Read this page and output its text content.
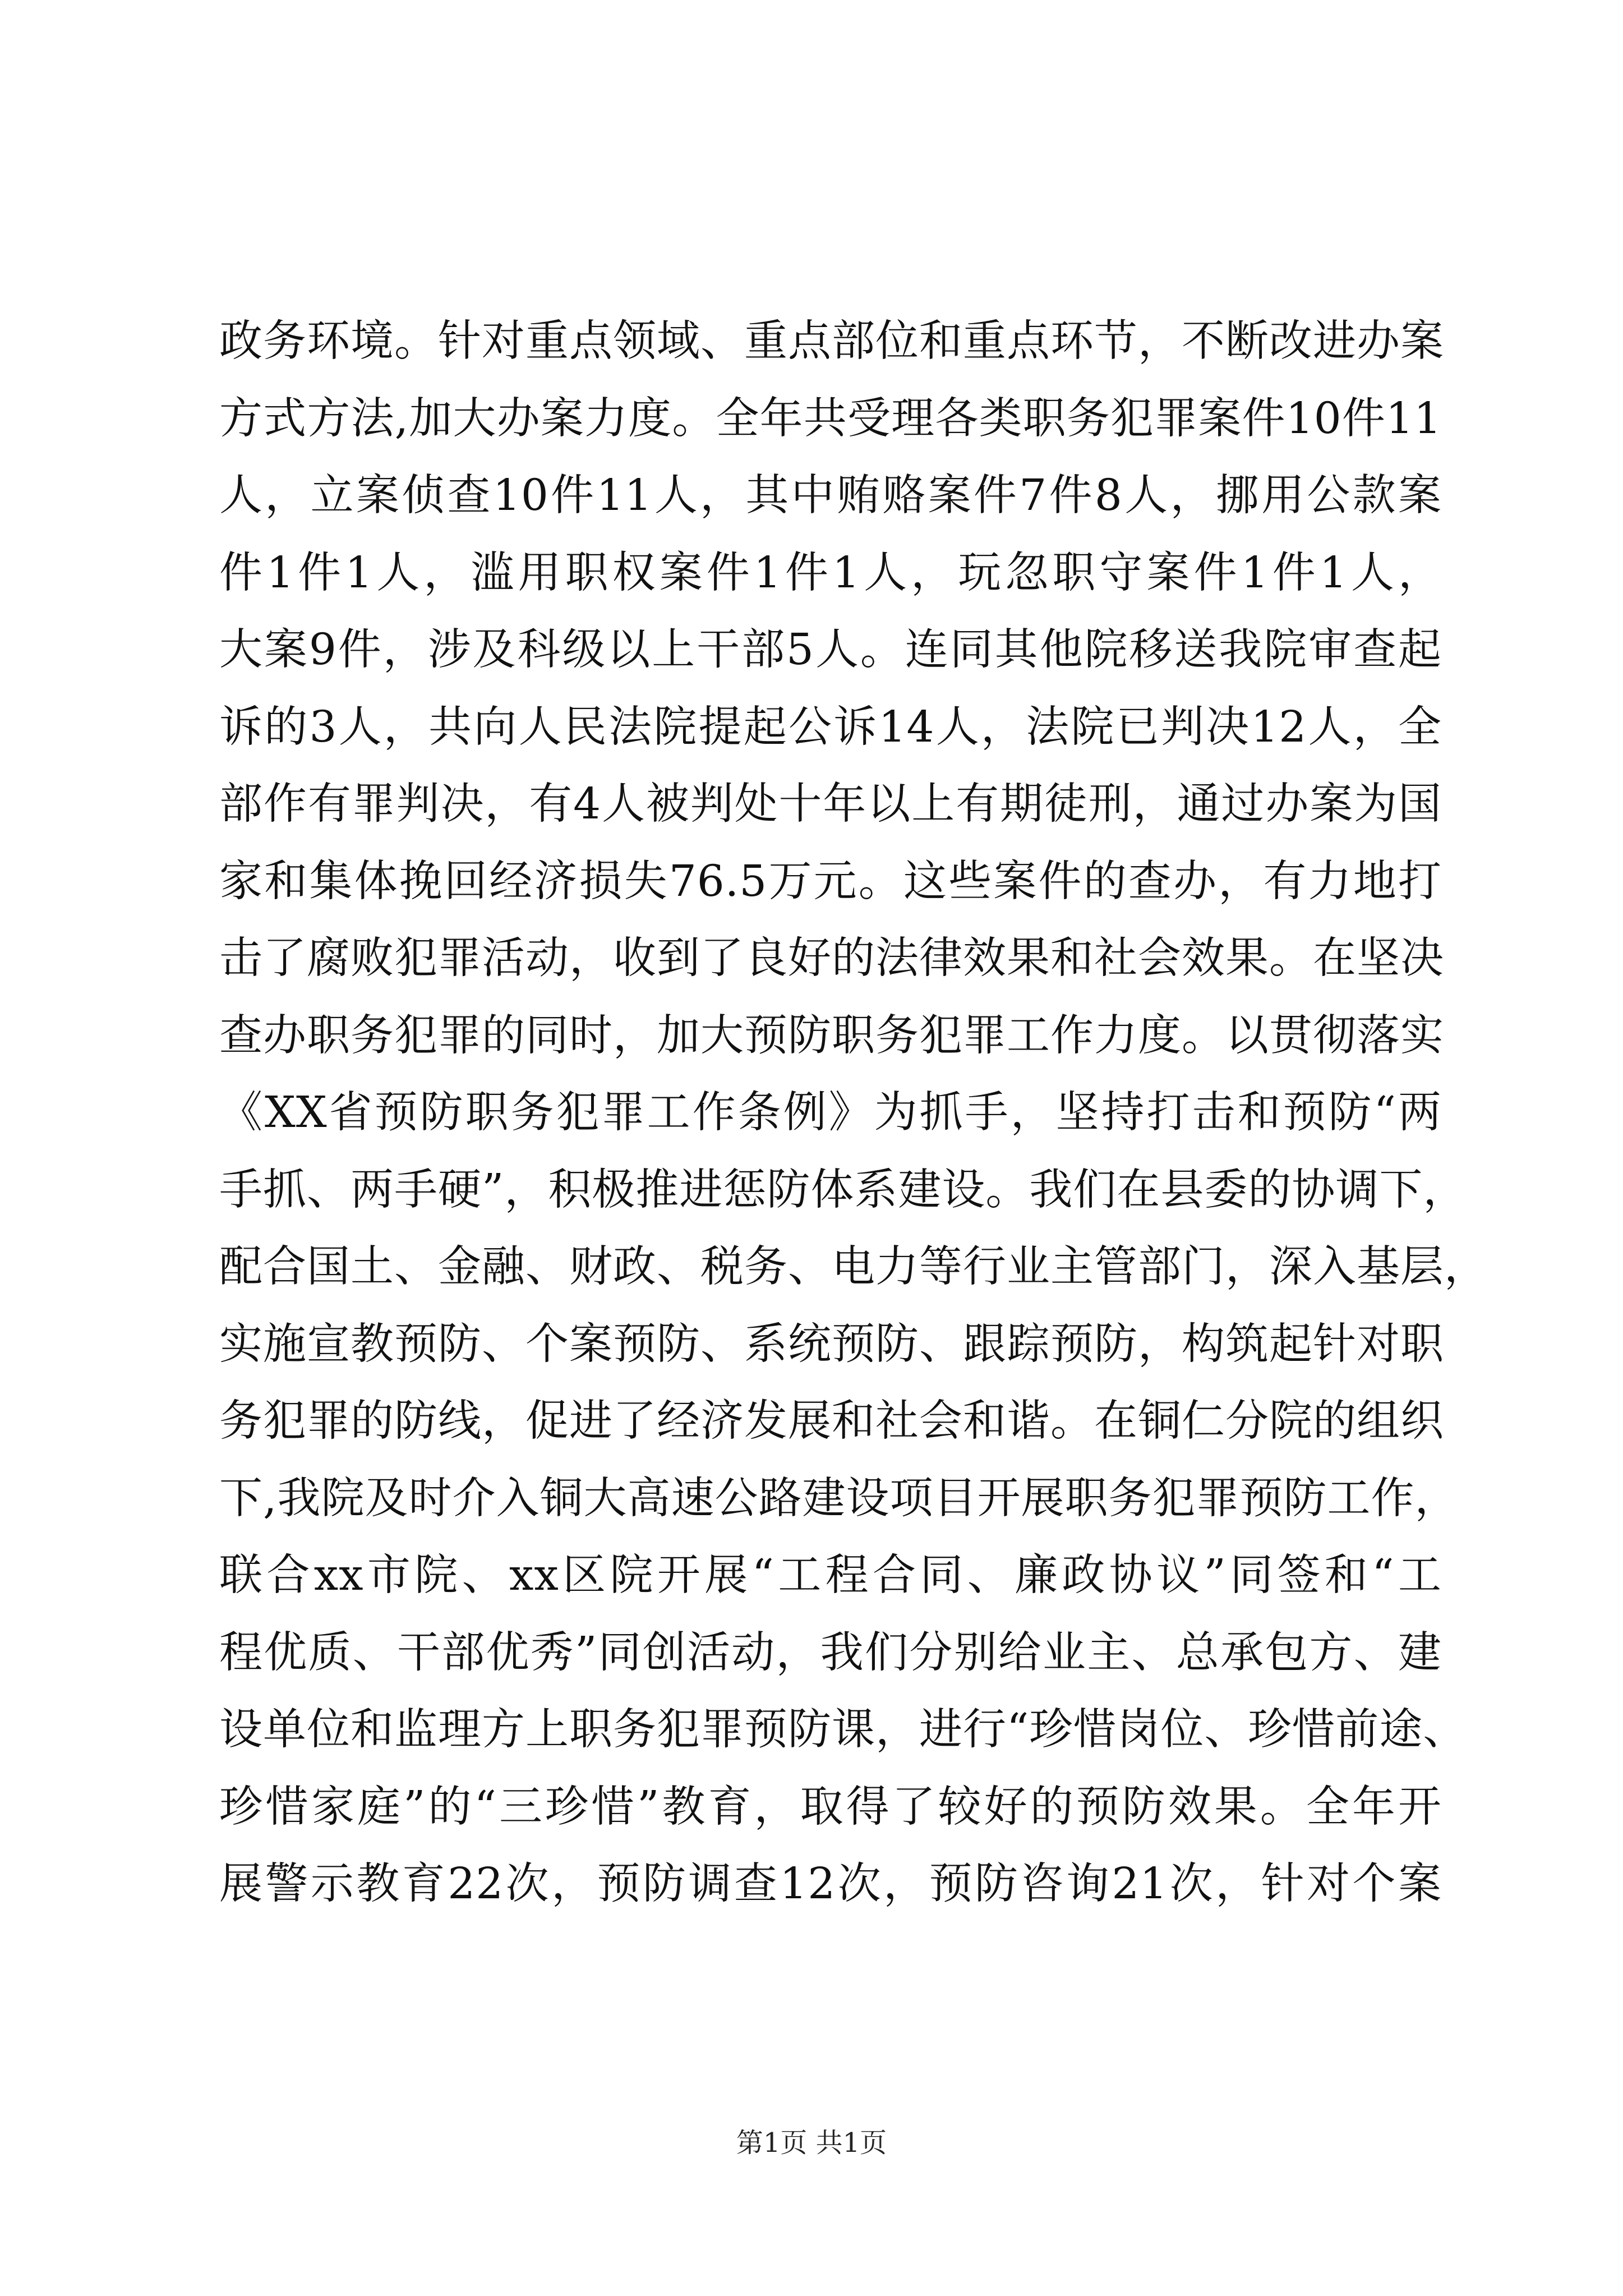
政务环境。针对重点领域、重点部位和重点环节，不断改进办案
方式方法,加大办案力度。全年共受理各类职务犯罪案件10件11
人，立案侦查10件11人，其中贿赂案件7件8人，挪用公款案
件1件1人，滥用职权案件1件1人，玩忽职守案件1件1人，
大案9件，涉及科级以上干部5人。连同其他院移送我院审查起
诉的3人，共向人民法院提起公诉14人，法院已判决12人，全
部作有罪判决，有4人被判处十年以上有期徒刑，通过办案为国
家和集体挽回经济损失76.5万元。这些案件的查办，有力地打
击了腐败犯罪活动，收到了良好的法律效果和社会效果。在坚决
查办职务犯罪的同时，加大预防职务犯罪工作力度。以贯彻落实
《XX省预防职务犯罪工作条例》为抓手，坚持打击和预防“两
手抓、两手硬”，积极推进惩防体系建设。我们在县委的协调下，
配合国土、金融、财政、税务、电力等行业主管部门，深入基层，
实施宣教预防、个案预防、系统预防、跟踪预防，构筑起针对职
务犯罪的防线，促进了经济发展和社会和谐。在铜仁分院的组织
下,我院及时介入铜大高速公路建设项目开展职务犯罪预防工作，
联合xx市院、xx区院开展“工程合同、廉政协议”同签和“工
程优质、干部优秀”同创活动，我们分别给业主、总承包方、建
设单位和监理方上职务犯罪预防课，进行“珍惜岗位、珍惜前途、
珍惜家庭”的“三珍惜”教育，取得了较好的预防效果。全年开
展警示教育22次，预防调查12次，预防咨询21次，针对个案
第1页 共1页
